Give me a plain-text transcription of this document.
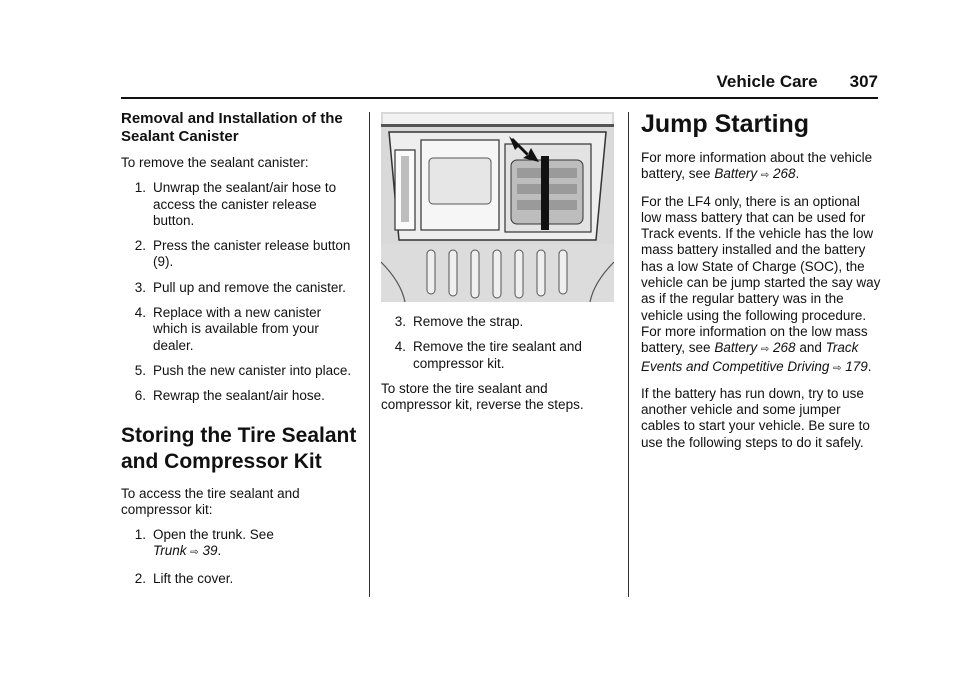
Vehicle Care 307
Removal and Installation of the Sealant Canister

To remove the sealant canister:

1. Unwrap the sealant/air hose to access the canister release button.
2. Press the canister release button (9).
3. Pull up and remove the canister.
4. Replace with a new canister which is available from your dealer.
5. Push the new canister into place.
6. Rewrap the sealant/air hose.
Storing the Tire Sealant and Compressor Kit

To access the tire sealant and compressor kit:

1. Open the trunk. See
Trunk ⇨ 39.
2. Lift the cover.
3. Remove the strap.
4. Remove the tire sealant and compressor kit.

To store the tire sealant and compressor kit, reverse the steps.

Jump Starting

For more information about the vehicle battery, see Battery ⇨ 268.

For the LF4 only, there is an optional low mass battery that can be used for Track events. If the vehicle has the low mass battery installed and the battery has a low State of Charge (SOC), the vehicle can be jump started the say way as if the regular battery was in the vehicle using the following procedure. For more information on the low mass battery, see Battery ⇨ 268 and Track Events and Competitive Driving ⇨ 179.

If the battery has run down, try to use another vehicle and some jumper cables to start your vehicle. Be sure to use the following steps to do it safely.
